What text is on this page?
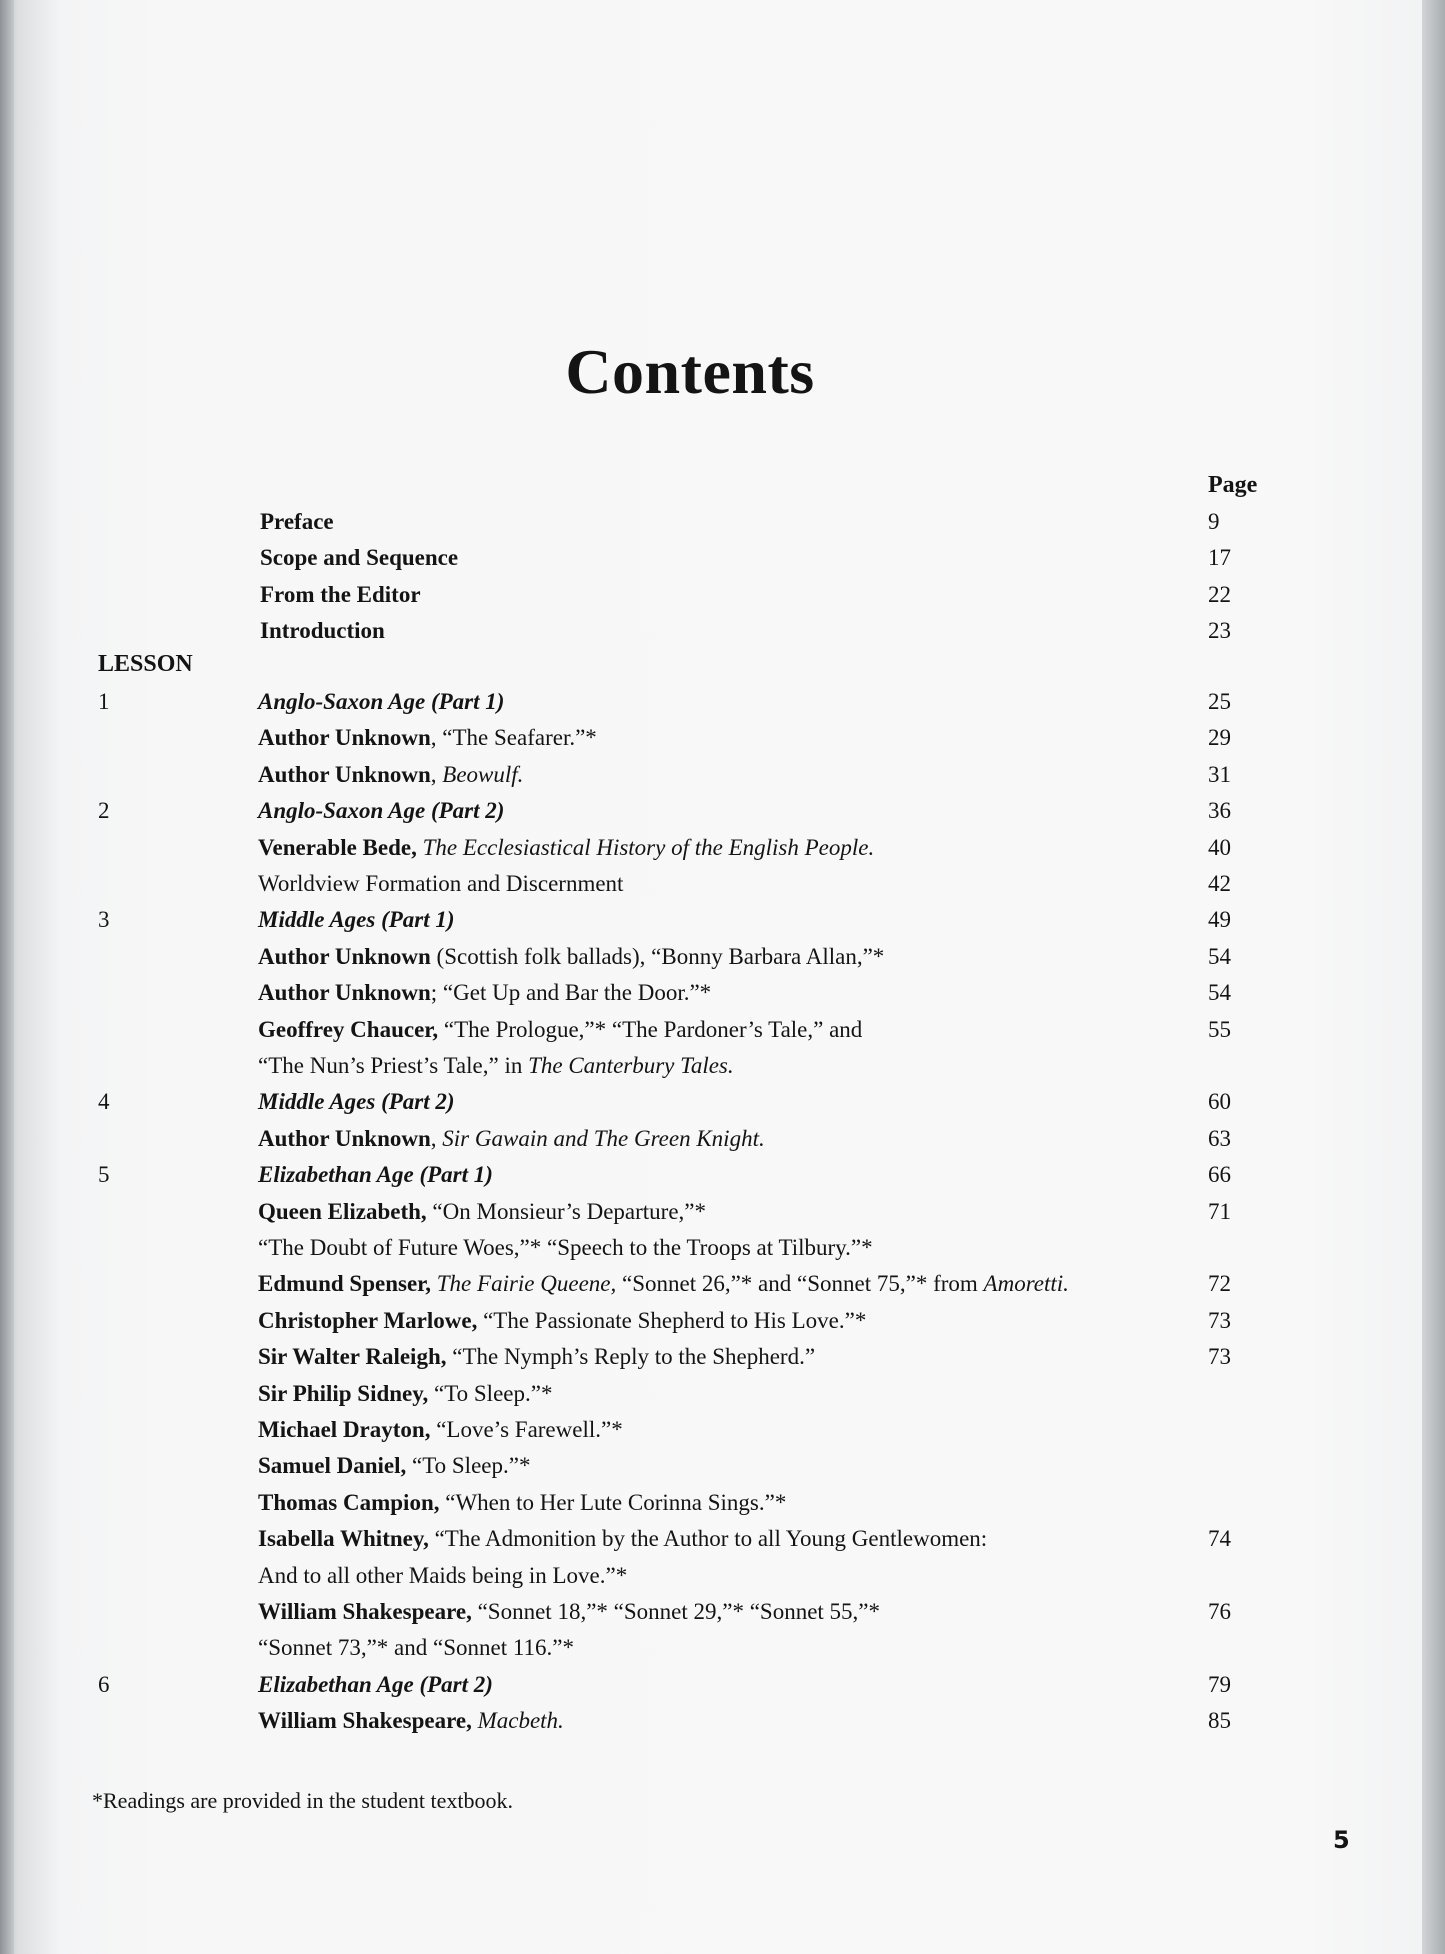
Contents
Page
Preface	9
Scope and Sequence	17
From the Editor	22
Introduction	23
LESSON
1	Anglo-Saxon Age (Part 1)	25
Author Unknown, “The Seafarer.”*	29
Author Unknown, Beowulf.	31
2	Anglo-Saxon Age (Part 2)	36
Venerable Bede, The Ecclesiastical History of the English People.	40
Worldview Formation and Discernment	42
3	Middle Ages (Part 1)	49
Author Unknown (Scottish folk ballads), “Bonny Barbara Allan,”*	54
Author Unknown; “Get Up and Bar the Door.”*	54
Geoffrey Chaucer, “The Prologue,”* “The Pardoner’s Tale,” and	55
“The Nun’s Priest’s Tale,” in The Canterbury Tales.
4	Middle Ages (Part 2)	60
Author Unknown, Sir Gawain and The Green Knight.	63
5	Elizabethan Age (Part 1)	66
Queen Elizabeth, “On Monsieur’s Departure,”*	71
“The Doubt of Future Woes,”* “Speech to the Troops at Tilbury.”*
Edmund Spenser, The Fairie Queene, “Sonnet 26,”* and “Sonnet 75,”* from Amoretti.	72
Christopher Marlowe, “The Passionate Shepherd to His Love.”*	73
Sir Walter Raleigh, “The Nymph’s Reply to the Shepherd.”	73
Sir Philip Sidney, “To Sleep.”*
Michael Drayton, “Love’s Farewell.”*
Samuel Daniel, “To Sleep.”*
Thomas Campion, “When to Her Lute Corinna Sings.”*
Isabella Whitney, “The Admonition by the Author to all Young Gentlewomen:	74
And to all other Maids being in Love.”*
William Shakespeare, “Sonnet 18,”* “Sonnet 29,”* “Sonnet 55,”*	76
“Sonnet 73,”* and “Sonnet 116.”*
6	Elizabethan Age (Part 2)	79
William Shakespeare, Macbeth.	85
*Readings are provided in the student textbook.
5
